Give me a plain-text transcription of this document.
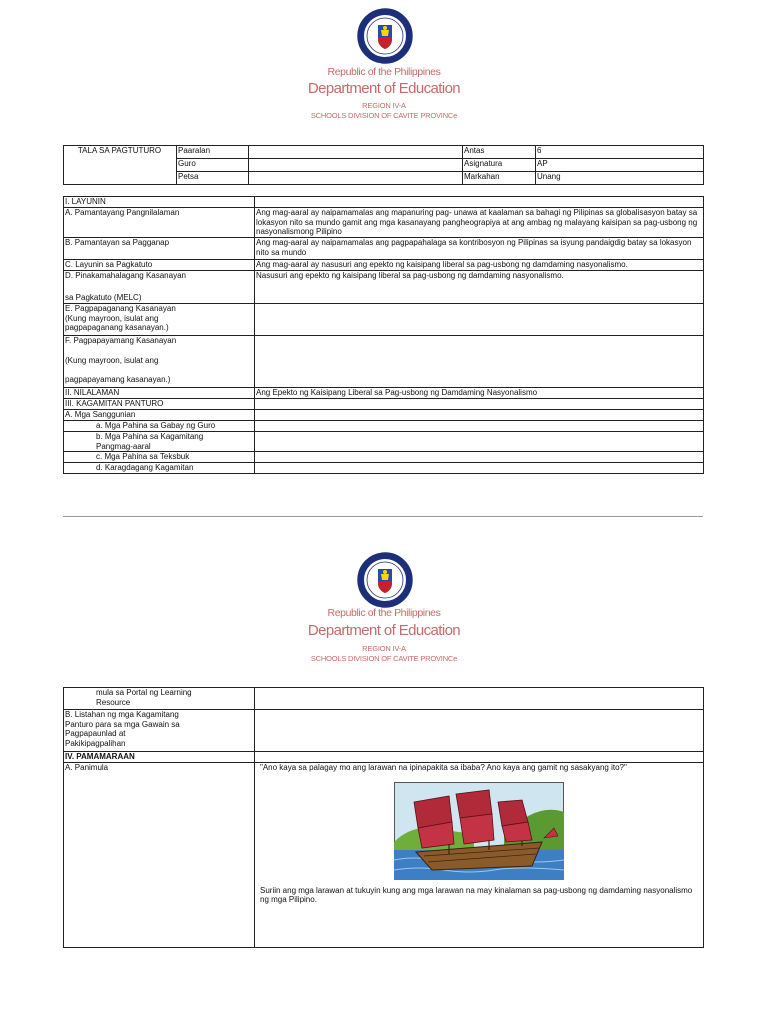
Republic of the Philippines
Department of Education
REGION IV-A
SCHOOLS DIVISION OF CAVITE PROVINCe
TALA SA PAGTUTURO	Paaralan		Antas	6
	Guro		Asignatura	AP
	Petsa		Markahan	Unang
I. LAYUNIN	
A. Pamantayang Pangnilalaman	Ang mag-aaral ay naipamamalas ang mapanuring pag- unawa at kaalaman sa bahagi ng Pilipinas sa globalisasyon batay sa lokasyon nito sa mundo gamit ang mga kasanayang pangheograpiya at ang ambag ng malayang kaisipan sa pag-usbong ng nasyonalismong Pilipino
B. Pamantayan sa Pagganap	Ang mag-aaral ay naipamamalas ang pagpapahalaga sa kontribosyon ng Pilipinas sa isyung pandaigdig batay sa lokasyon nito sa mundo
C. Layunin sa Pagkatuto	Ang mag-aaral ay nasusuri ang epekto ng kaisipang liberal sa pag-usbong ng damdaming nasyonalismo.

D. Pinakamahalagang Kasanayan
sa Pagkatuto (MELC)	Nasusuri ang epekto ng kaisipang liberal sa pag-usbong ng damdaming nasyonalismo.

E. Pagpapaganang Kasanayan
(Kung mayroon, isulat ang
pagpapaganang kasanayan.)	

F. Pagpapayamang Kasanayan
(Kung mayroon, isulat ang
pagpapayamang kasanayan.)	

II. NILALAMAN	Ang Epekto ng Kaisipang Liberal sa Pag-usbong ng Damdaming Nasyonalismo
III. KAGAMITAN PANTURO	
A. Mga Sanggunian	
a. Mga Pahina sa Gabay ng Guro	

b. Mga Pahina sa Kagamitang
Pangmag-aaral	

c. Mga Pahina sa Teksbuk	
d. Karagdagang Kagamitan	
Republic of the Philippines
Department of Education
REGION IV-A
SCHOOLS DIVISION OF CAVITE PROVINCe
mula sa Portal ng Learning
Resource	

B. Listahan ng mga Kagamitang
Panturo para sa mga Gawain sa
Pagpapaunlad at
Pakikipagpalihan	

IV. PAMAMARAAN	
A. Panimula	"Ano kaya sa palagay mo ang larawan na ipinapakita sa ibaba? Ano kaya ang gamit ng sasakyang ito?"
Suriin ang mga larawan at tukuyin kung ang mga larawan na may kinalaman sa pag-usbong ng damdaming nasyonalismo ng mga Pilipino.
